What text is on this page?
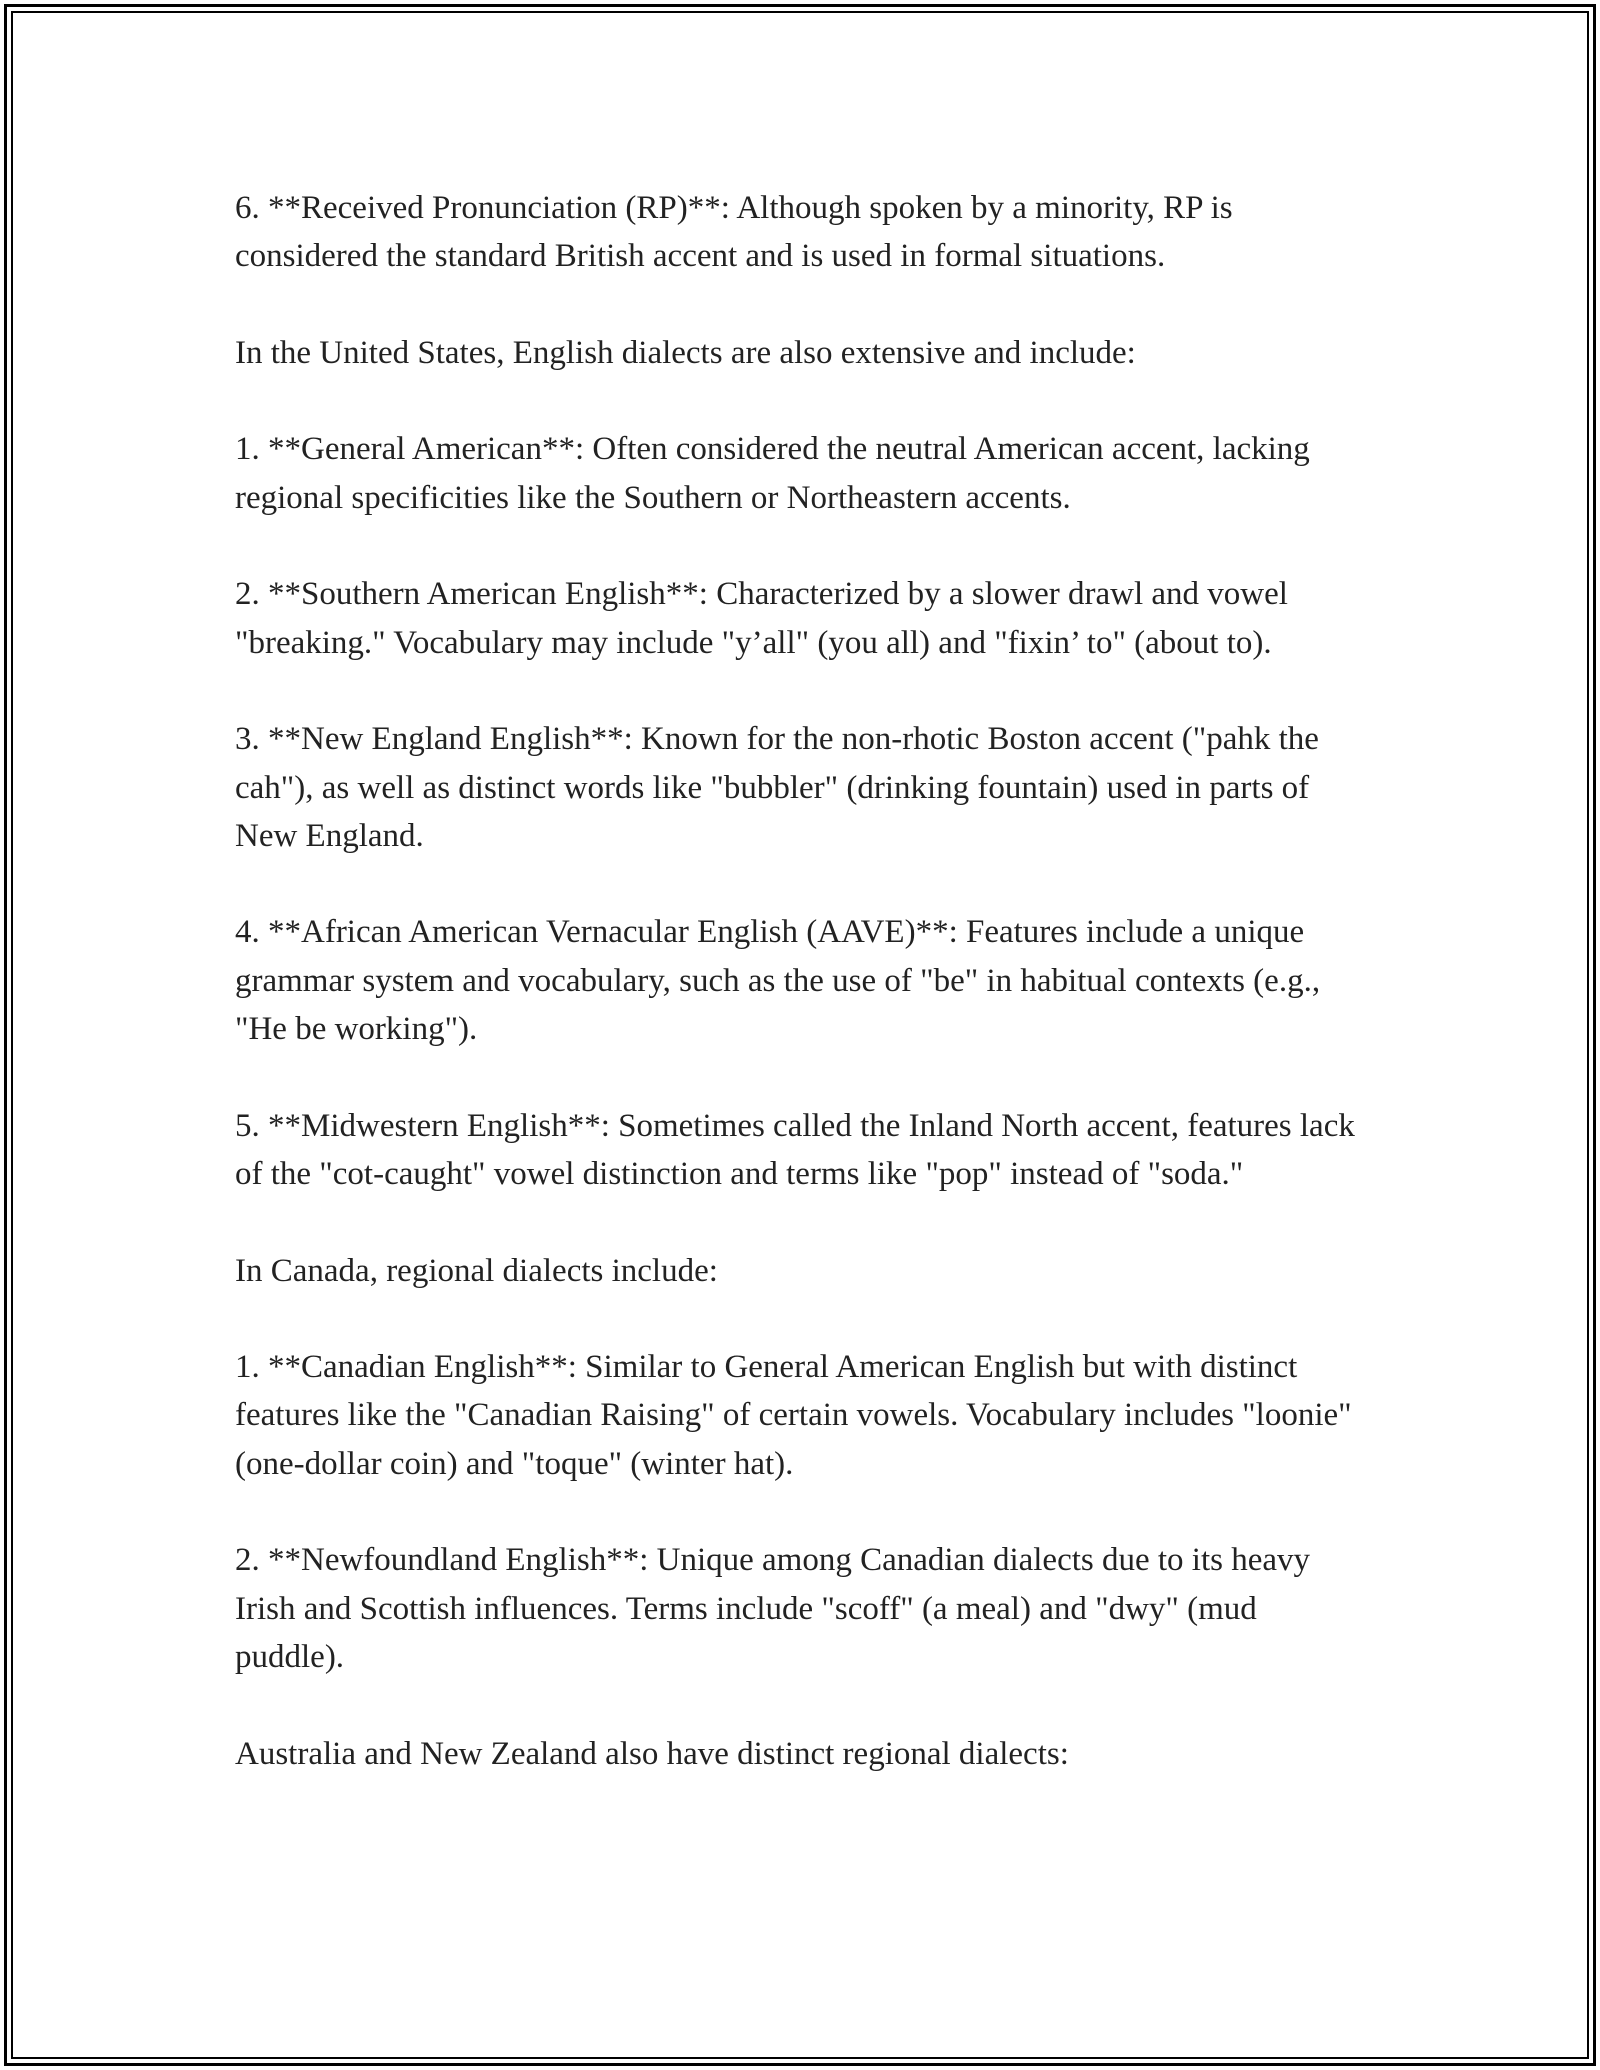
6. **Received Pronunciation (RP)**: Although spoken by a minority, RP is considered the standard British accent and is used in formal situations.

In the United States, English dialects are also extensive and include:

1. **General American**: Often considered the neutral American accent, lacking regional specificities like the Southern or Northeastern accents.

2. **Southern American English**: Characterized by a slower drawl and vowel "breaking." Vocabulary may include "y’all" (you all) and "fixin’ to" (about to).

3. **New England English**: Known for the non-rhotic Boston accent ("pahk the cah"), as well as distinct words like "bubbler" (drinking fountain) used in parts of New England.

4. **African American Vernacular English (AAVE)**: Features include a unique grammar system and vocabulary, such as the use of "be" in habitual contexts (e.g., "He be working").

5. **Midwestern English**: Sometimes called the Inland North accent, features lack of the "cot-caught" vowel distinction and terms like "pop" instead of "soda."

In Canada, regional dialects include:

1. **Canadian English**: Similar to General American English but with distinct features like the "Canadian Raising" of certain vowels. Vocabulary includes "loonie" (one-dollar coin) and "toque" (winter hat).

2. **Newfoundland English**: Unique among Canadian dialects due to its heavy Irish and Scottish influences. Terms include "scoff" (a meal) and "dwy" (mud puddle).

Australia and New Zealand also have distinct regional dialects:
